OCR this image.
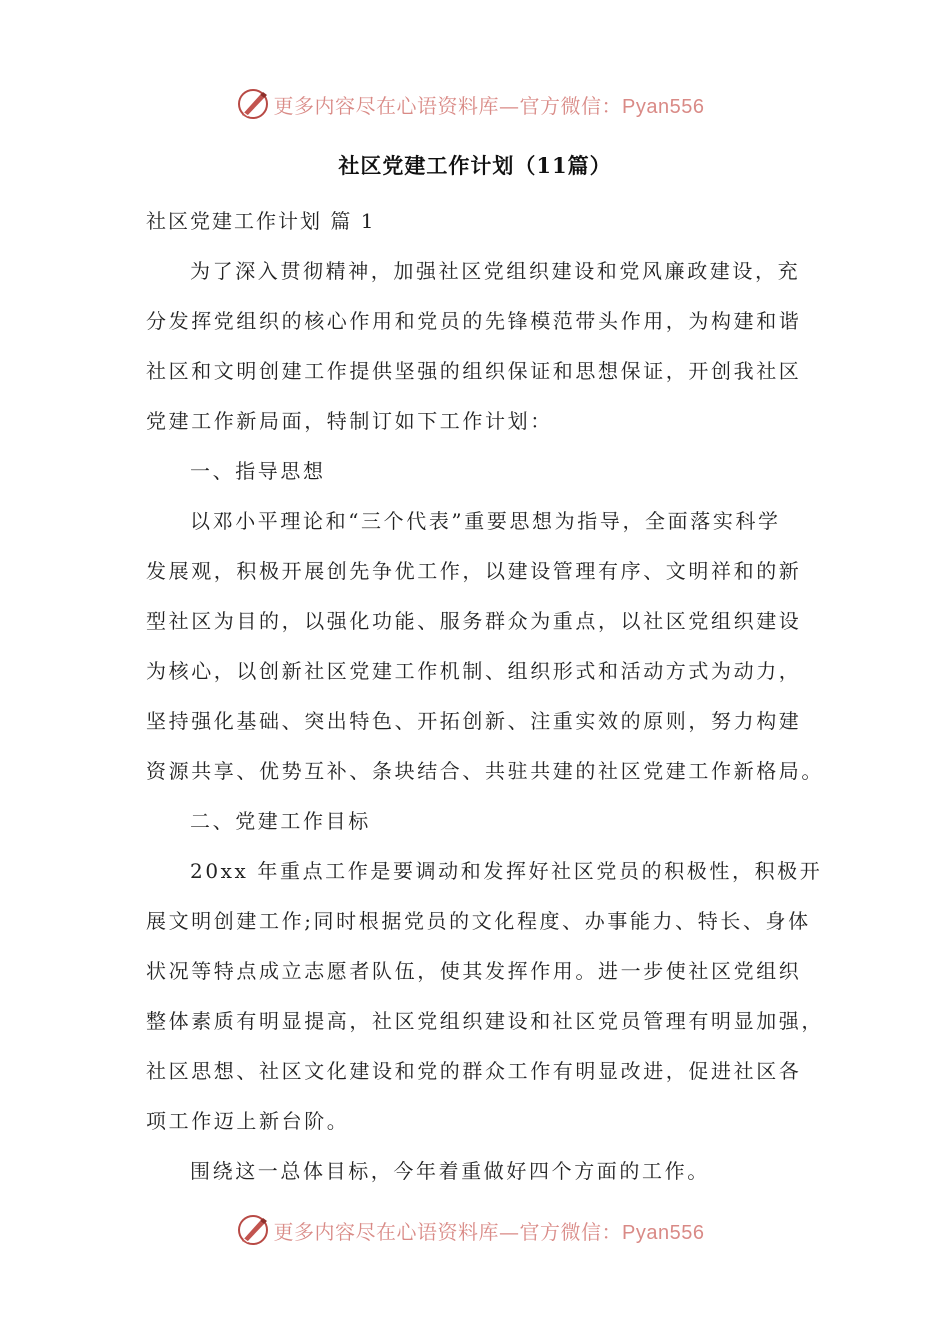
更多内容尽在心语资料库—官方微信：Pyan556
社区党建工作计划（11篇）
社区党建工作计划 篇 1
为了深入贯彻精神，加强社区党组织建设和党风廉政建设，充
分发挥党组织的核心作用和党员的先锋模范带头作用，为构建和谐
社区和文明创建工作提供坚强的组织保证和思想保证，开创我社区
党建工作新局面，特制订如下工作计划：
一、指导思想
以邓小平理论和“三个代表”重要思想为指导，全面落实科学
发展观，积极开展创先争优工作，以建设管理有序、文明祥和的新
型社区为目的，以强化功能、服务群众为重点，以社区党组织建设
为核心，以创新社区党建工作机制、组织形式和活动方式为动力，
坚持强化基础、突出特色、开拓创新、注重实效的原则，努力构建
资源共享、优势互补、条块结合、共驻共建的社区党建工作新格局。
二、党建工作目标
20xx 年重点工作是要调动和发挥好社区党员的积极性，积极开
展文明创建工作;同时根据党员的文化程度、办事能力、特长、身体
状况等特点成立志愿者队伍，使其发挥作用。进一步使社区党组织
整体素质有明显提高，社区党组织建设和社区党员管理有明显加强，
社区思想、社区文化建设和党的群众工作有明显改进，促进社区各
项工作迈上新台阶。
围绕这一总体目标，今年着重做好四个方面的工作。
更多内容尽在心语资料库—官方微信：Pyan556
